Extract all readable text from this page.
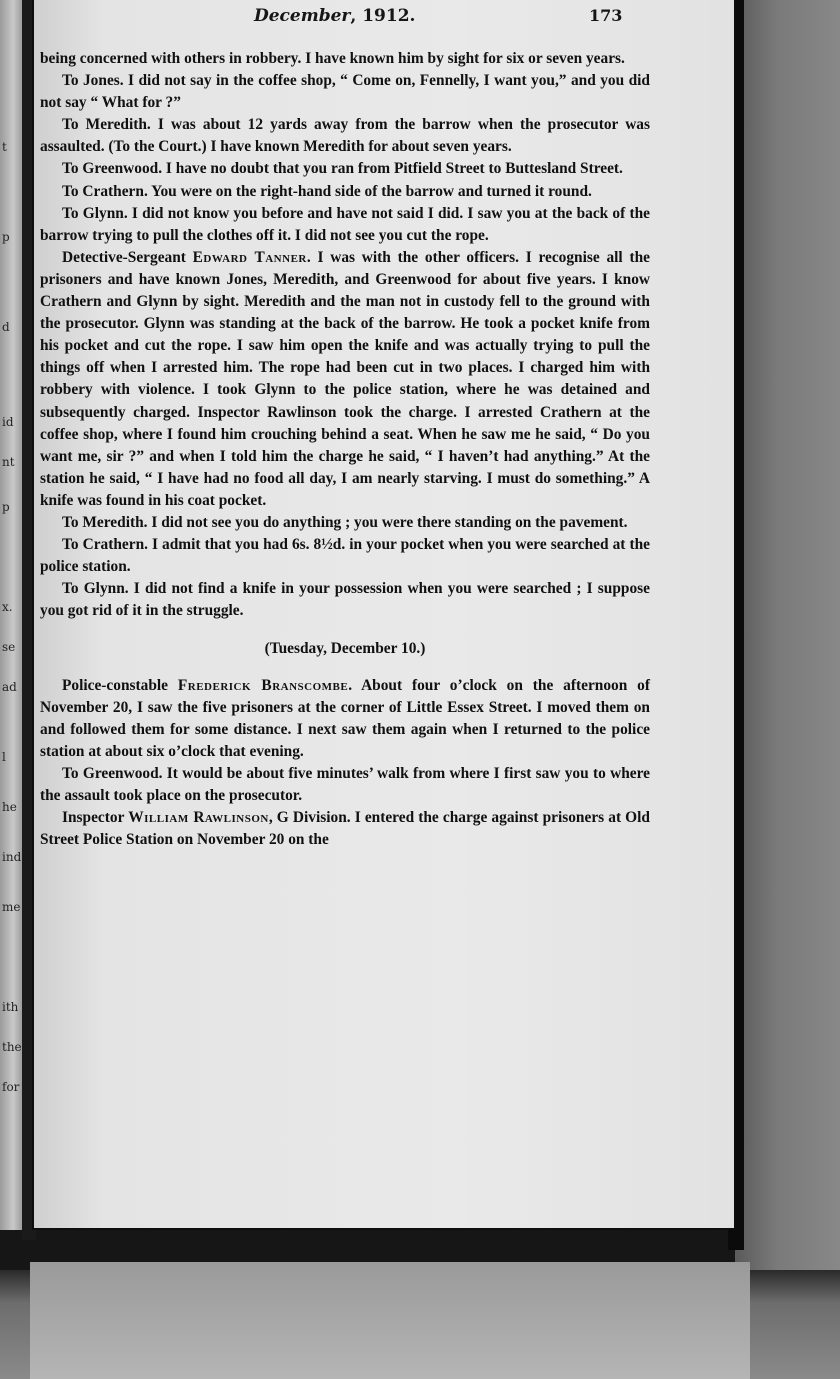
t
p
d
id
nt
p
x.
se
ad
l
he
ind
me
ith
the
for
December, 1912.	173

being concerned with others in robbery. I have known him by sight for six or seven years.

To Jones. I did not say in the coffee shop, “ Come on, Fennelly, I want you,” and you did not say “ What for ?”

To Meredith. I was about 12 yards away from the barrow when the prosecutor was assaulted. (To the Court.) I have known Meredith for about seven years.

To Greenwood. I have no doubt that you ran from Pitfield Street to Buttesland Street.

To Crathern. You were on the right-hand side of the barrow and turned it round.

To Glynn. I did not know you before and have not said I did. I saw you at the back of the barrow trying to pull the clothes off it. I did not see you cut the rope.

Detective-Sergeant Edward Tanner. I was with the other officers. I recognise all the prisoners and have known Jones, Meredith, and Greenwood for about five years. I know Crathern and Glynn by sight. Meredith and the man not in custody fell to the ground with the prosecutor. Glynn was standing at the back of the barrow. He took a pocket knife from his pocket and cut the rope. I saw him open the knife and was actually trying to pull the things off when I arrested him. The rope had been cut in two places. I charged him with robbery with violence. I took Glynn to the police station, where he was detained and subsequently charged. Inspector Rawlinson took the charge. I arrested Crathern at the coffee shop, where I found him crouching behind a seat. When he saw me he said, “ Do you want me, sir ?” and when I told him the charge he said, “ I haven’t had anything.” At the station he said, “ I have had no food all day, I am nearly starving. I must do something.” A knife was found in his coat pocket.

To Meredith. I did not see you do anything ; you were there standing on the pavement.

To Crathern. I admit that you had 6s. 8½d. in your pocket when you were searched at the police station.

To Glynn. I did not find a knife in your possession when you were searched ; I suppose you got rid of it in the struggle.

(Tuesday, December 10.)

Police-constable Frederick Branscombe. About four o’clock on the afternoon of November 20, I saw the five prisoners at the corner of Little Essex Street. I moved them on and followed them for some distance. I next saw them again when I returned to the police station at about six o’clock that evening.

To Greenwood. It would be about five minutes’ walk from where I first saw you to where the assault took place on the prosecutor.

Inspector William Rawlinson, G Division. I entered the charge against prisoners at Old Street Police Station on November 20 on the
